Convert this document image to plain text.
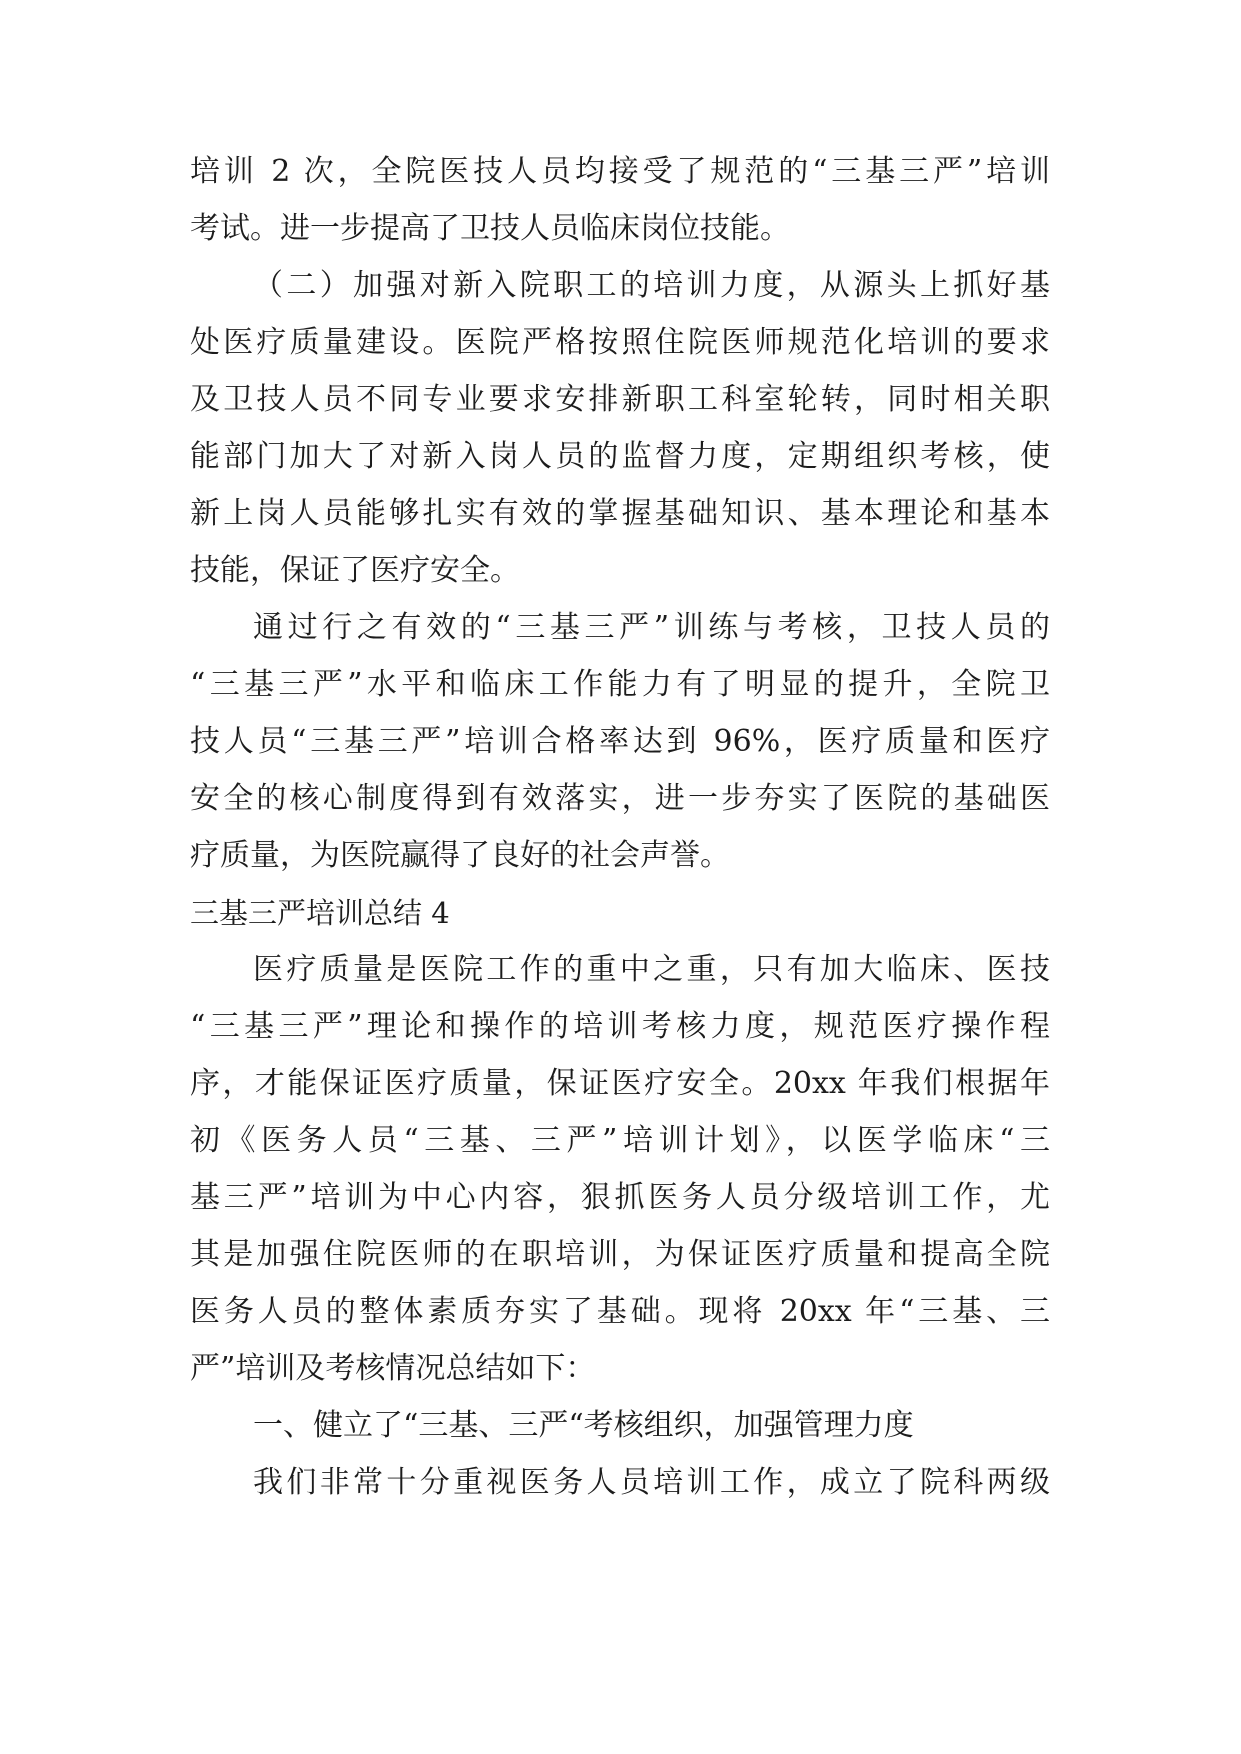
培训 2 次，全院医技人员均接受了规范的“三基三严”培训
考试。进一步提高了卫技人员临床岗位技能。
（二）加强对新入院职工的培训力度，从源头上抓好基
处医疗质量建设。医院严格按照住院医师规范化培训的要求
及卫技人员不同专业要求安排新职工科室轮转，同时相关职
能部门加大了对新入岗人员的监督力度，定期组织考核，使
新上岗人员能够扎实有效的掌握基础知识、基本理论和基本
技能，保证了医疗安全。
通过行之有效的“三基三严”训练与考核，卫技人员的
“三基三严”水平和临床工作能力有了明显的提升，全院卫
技人员“三基三严”培训合格率达到 96%，医疗质量和医疗
安全的核心制度得到有效落实，进一步夯实了医院的基础医
疗质量，为医院赢得了良好的社会声誉。
三基三严培训总结 4
医疗质量是医院工作的重中之重，只有加大临床、医技
“三基三严”理论和操作的培训考核力度，规范医疗操作程
序，才能保证医疗质量，保证医疗安全。20xx 年我们根据年
初《医务人员“三基、三严”培训计划》，以医学临床“三
基三严”培训为中心内容，狠抓医务人员分级培训工作，尤
其是加强住院医师的在职培训，为保证医疗质量和提高全院
医务人员的整体素质夯实了基础。现将 20xx 年“三基、三
严”培训及考核情况总结如下：
一、健立了“三基、三严“考核组织，加强管理力度
我们非常十分重视医务人员培训工作，成立了院科两级
